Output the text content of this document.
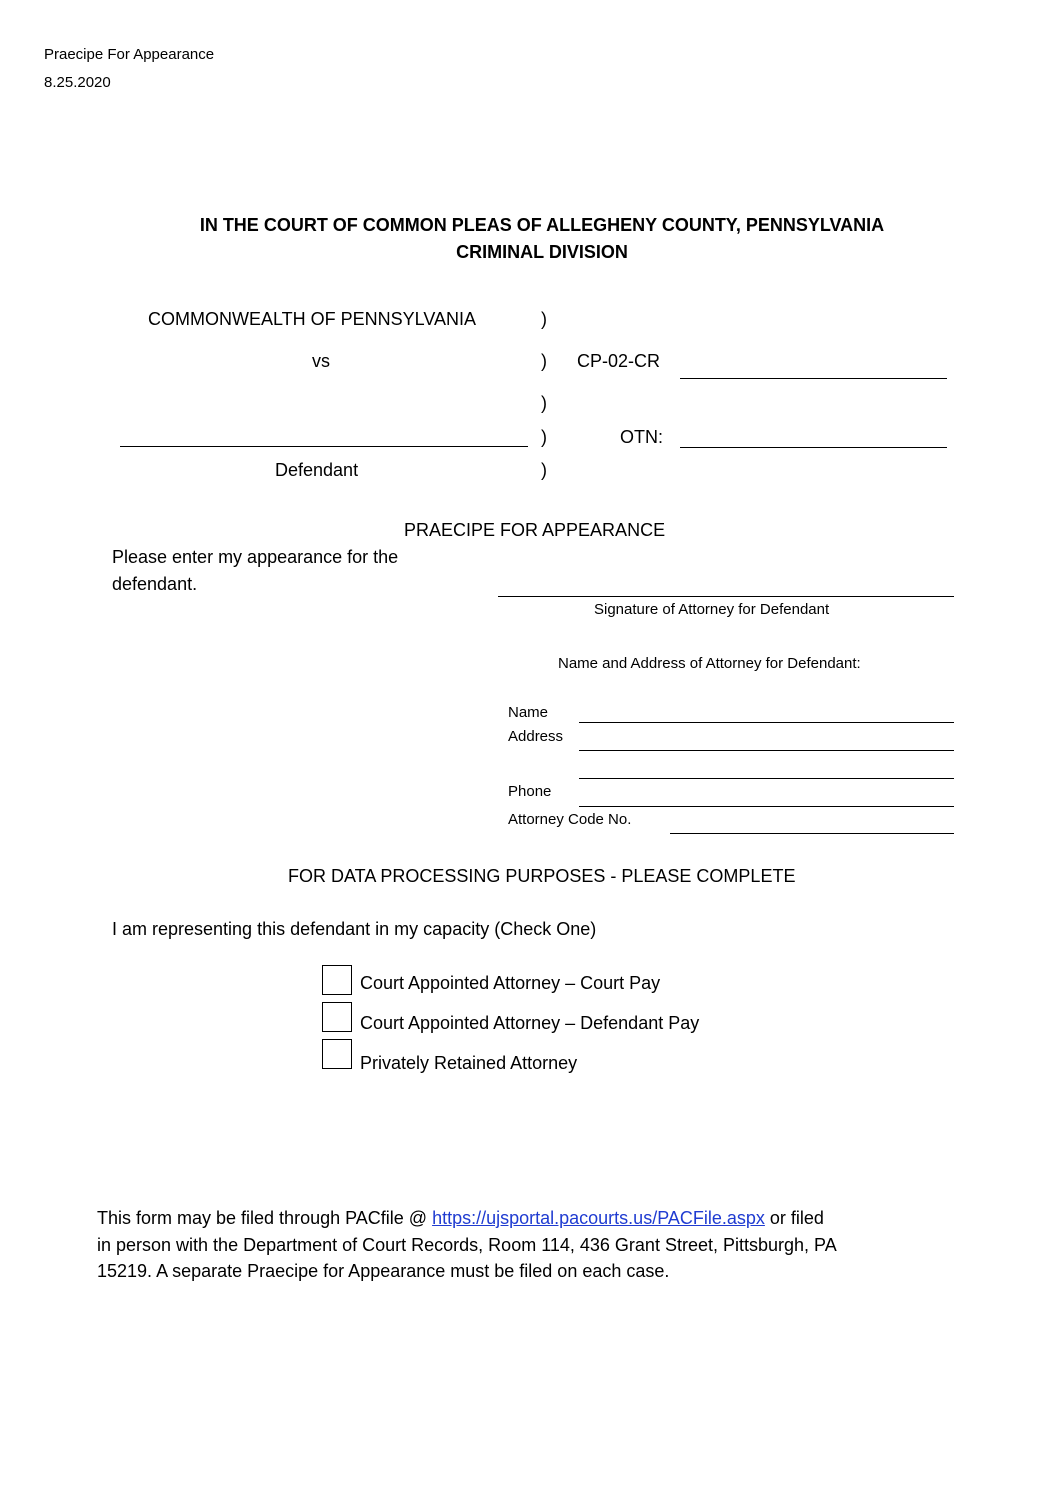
Praecipe For Appearance
8.25.2020
IN THE COURT OF COMMON PLEAS OF ALLEGHENY COUNTY, PENNSYLVANIA
CRIMINAL DIVISION
COMMONWEALTH OF PENNSYLVANIA
vs
Defendant
)
)
)
)
)
CP-02-CR
OTN:
PRAECIPE FOR APPEARANCE
Please enter my appearance for the
defendant.
Signature of Attorney for Defendant
Name and Address of Attorney for Defendant:
Name
Address
Phone
Attorney Code No.
FOR DATA PROCESSING PURPOSES - PLEASE COMPLETE
I am representing this defendant in my capacity (Check One)
Court Appointed Attorney – Court Pay
Court Appointed Attorney – Defendant Pay
Privately Retained Attorney
This form may be filed through PACfile @ https://ujsportal.pacourts.us/PACFile.aspx or filed
in person with the Department of Court Records, Room 114, 436 Grant Street, Pittsburgh, PA
15219. A separate Praecipe for Appearance must be filed on each case.
